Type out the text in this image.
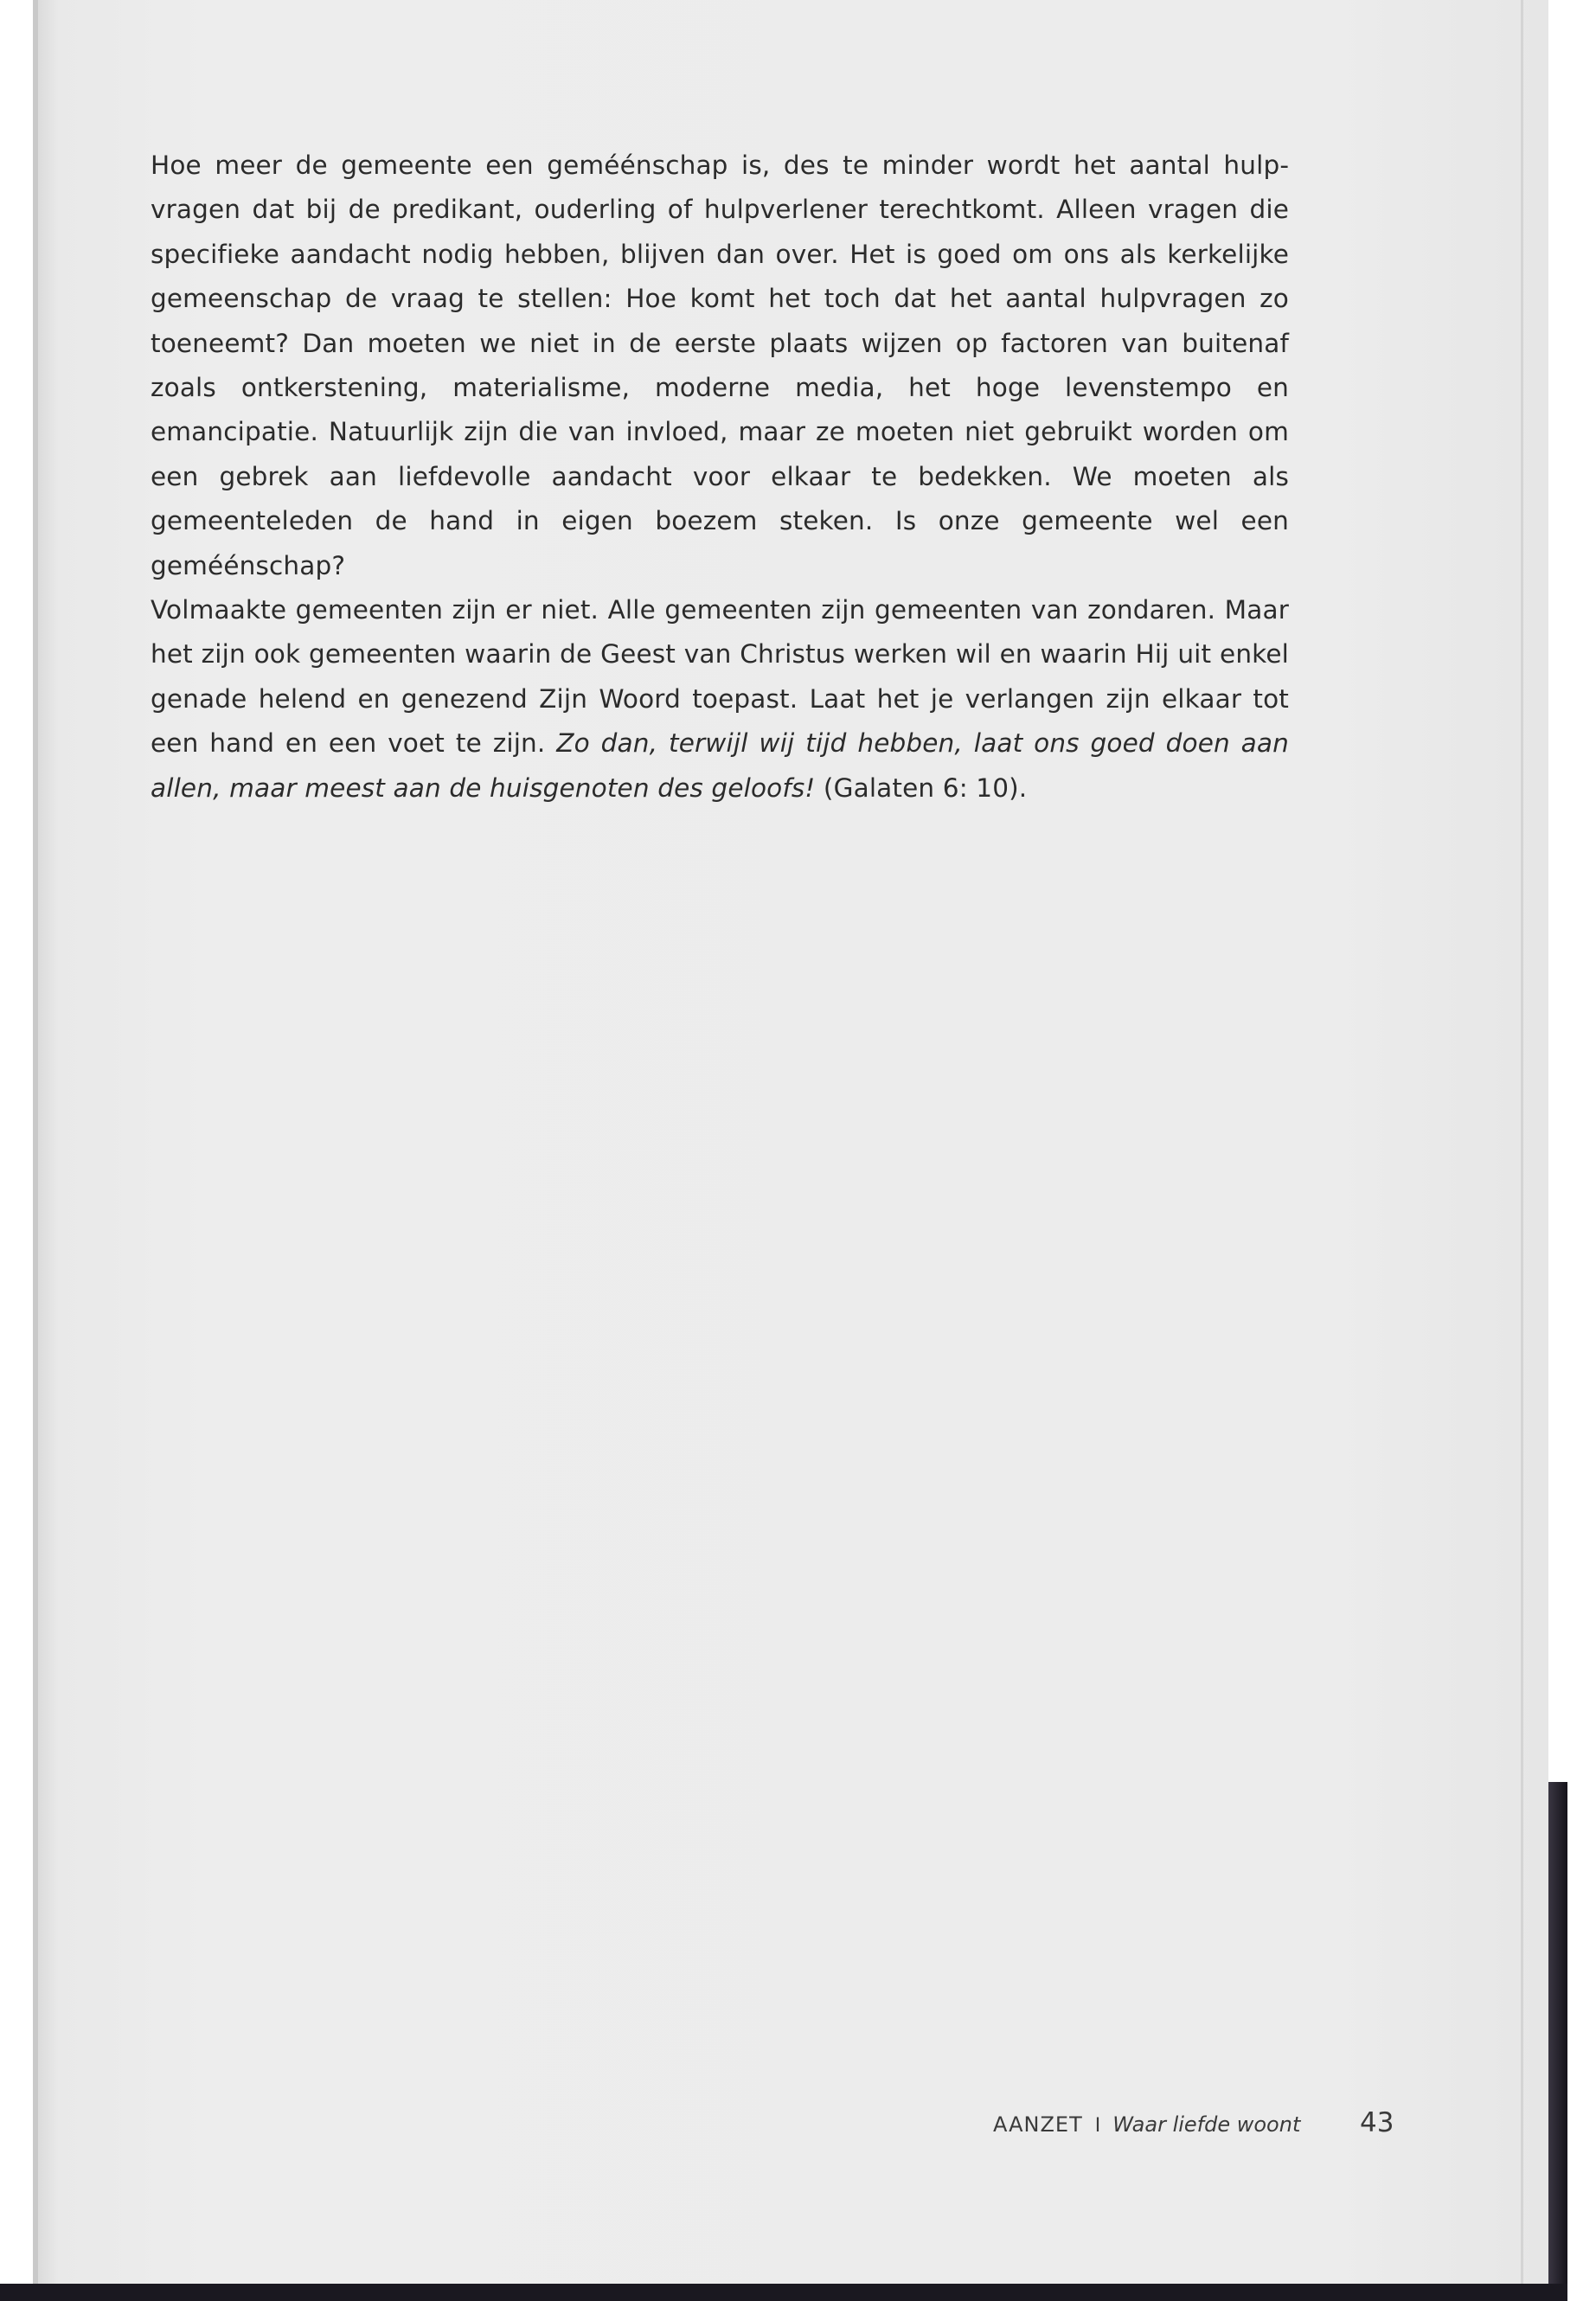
Hoe meer de gemeente een geméénschap is, des te minder wordt het aantal hulpvragen dat bij de predikant, ouderling of hulpverlener terechtkomt. Alleen vragen die specifieke aandacht nodig hebben, blijven dan over. Het is goed om ons als kerkelijke gemeenschap de vraag te stellen: Hoe komt het toch dat het aantal hulpvragen zo toeneemt? Dan moeten we niet in de eerste plaats wijzen op factoren van buitenaf zoals ontkerstening, materialisme, moderne media, het hoge levenstempo en emancipatie. Natuurlijk zijn die van invloed, maar ze moeten niet gebruikt worden om een gebrek aan liefdevolle aandacht voor elkaar te bedekken. We moeten als gemeenteleden de hand in eigen boezem steken. Is onze gemeente wel een geméénschap?

Volmaakte gemeenten zijn er niet. Alle gemeenten zijn gemeenten van zondaren. Maar het zijn ook gemeenten waarin de Geest van Christus werken wil en waarin Hij uit enkel genade helend en genezend Zijn Woord toepast. Laat het je verlangen zijn elkaar tot een hand en een voet te zijn. Zo dan, terwijl wij tijd hebben, laat ons goed doen aan allen, maar meest aan de huisgenoten des geloofs! (Galaten 6: 10).

AANZET I Waar liefde woont	43
